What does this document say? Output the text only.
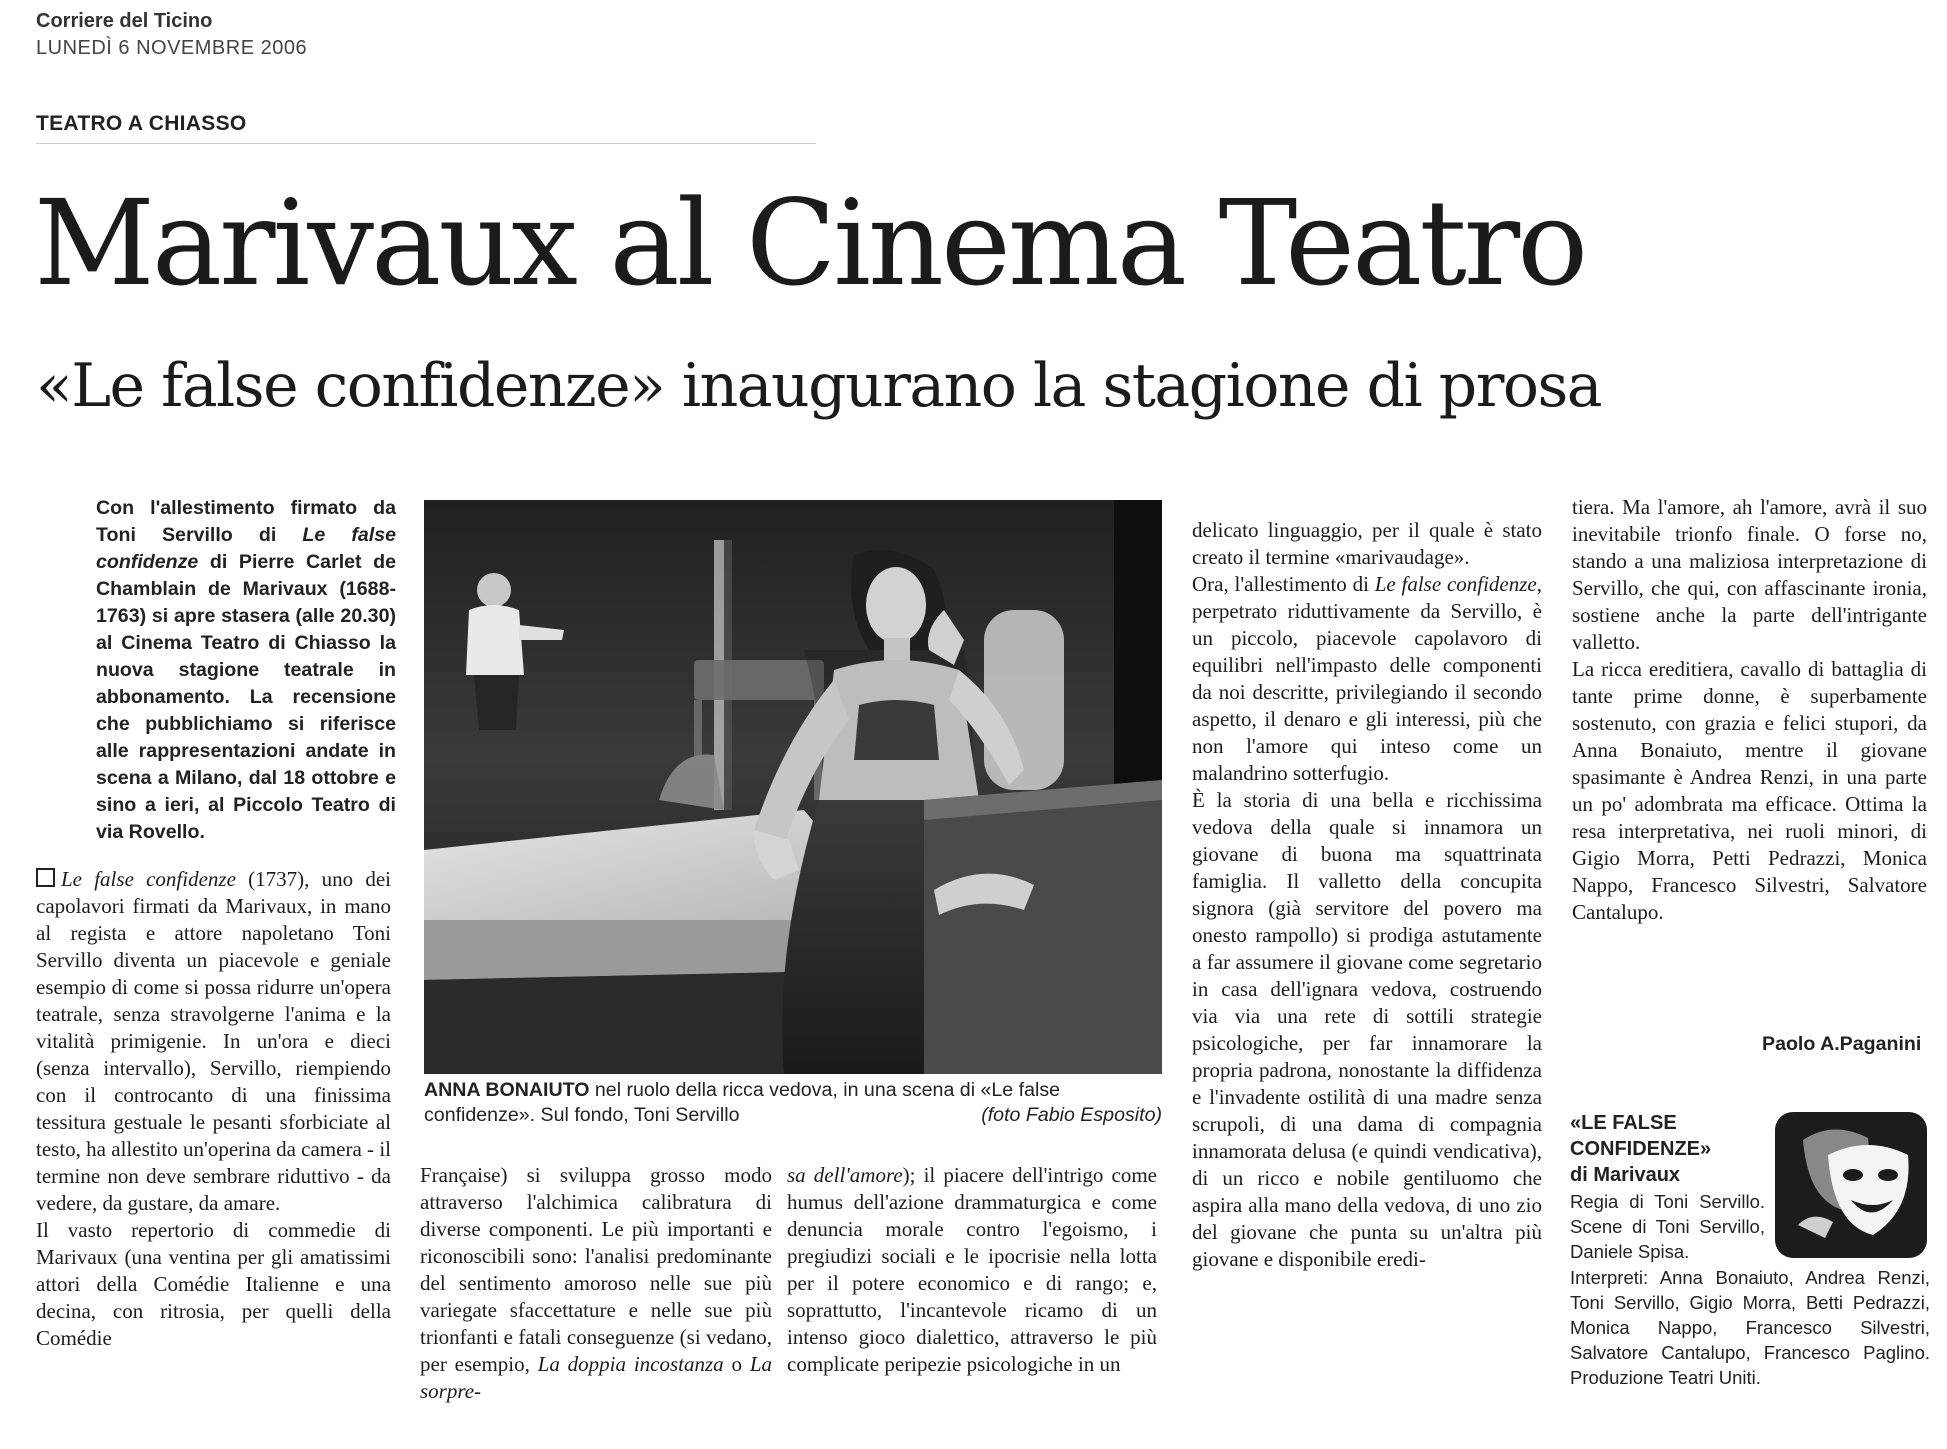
Corriere del Ticino
LUNEDÌ 6 NOVEMBRE 2006
TEATRO A CHIASSO
Marivaux al Cinema Teatro
«Le false confidenze» inaugurano la stagione di prosa
Con l'allestimento firmato da Toni Servillo di Le false confidenze di Pierre Carlet de Chamblain de Marivaux (1688-1763) si apre stasera (alle 20.30) al Cinema Teatro di Chiasso la nuova stagione teatrale in abbonamento. La recensione che pubblichiamo si riferisce alle rappresentazioni andate in scena a Milano, dal 18 ottobre e sino a ieri, al Piccolo Teatro di via Rovello.
ANNA BONAIUTO nel ruolo della ricca vedova, in una scena di «Le false confidenze». Sul fondo, Toni Servillo	(foto Fabio Esposito)

Le false confidenze (1737), uno dei capolavori firmati da Marivaux, in mano al regista e attore napoletano Toni Servillo diventa un piacevole e geniale esempio di come si possa ridurre un'opera teatrale, senza stravolgerne l'anima e la vitalità primigenie. In un'ora e dieci (senza intervallo), Servillo, riempiendo con il controcanto di una finissima tessitura gestuale le pesanti sforbiciate al testo, ha allestito un'operina da camera - il termine non deve sembrare riduttivo - da vedere, da gustare, da amare.

Il vasto repertorio di commedie di Marivaux (una ventina per gli amatissimi attori della Comédie Italienne e una decina, con ritrosia, per quelli della Comédie

Française) si sviluppa grosso modo attraverso l'alchimica calibratura di diverse componenti. Le più importanti e riconoscibili sono: l'analisi predominante del sentimento amoroso nelle sue più variegate sfaccettature e nelle sue più trionfanti e fatali conseguenze (si vedano, per esempio, La doppia incostanza o La sorpre-

sa dell'amore); il piacere dell'intrigo come humus dell'azione drammaturgica e come denuncia morale contro l'egoismo, i pregiudizi sociali e le ipocrisie nella lotta per il potere economico e di rango; e, soprattutto, l'incantevole ricamo di un intenso gioco dialettico, attraverso le più complicate peripezie psicologiche in un

delicato linguaggio, per il quale è stato creato il termine «marivaudage».

Ora, l'allestimento di Le false confidenze, perpetrato riduttivamente da Servillo, è un piccolo, piacevole capolavoro di equilibri nell'impasto delle componenti da noi descritte, privilegiando il secondo aspetto, il denaro e gli interessi, più che non l'amore qui inteso come un malandrino sotterfugio.

È la storia di una bella e ricchissima vedova della quale si innamora un giovane di buona ma squattrinata famiglia. Il valletto della concupita signora (già servitore del povero ma onesto rampollo) si prodiga astutamente a far assumere il giovane come segretario in casa dell'ignara vedova, costruendo via via una rete di sottili strategie psicologiche, per far innamorare la propria padrona, nonostante la diffidenza e l'invadente ostilità di una madre senza scrupoli, di una dama di compagnia innamorata delusa (e quindi vendicativa), di un ricco e nobile gentiluomo che aspira alla mano della vedova, di uno zio del giovane che punta su un'altra più giovane e disponibile eredi-

tiera. Ma l'amore, ah l'amore, avrà il suo inevitabile trionfo finale. O forse no, stando a una maliziosa interpretazione di Servillo, che qui, con affascinante ironia, sostiene anche la parte dell'intrigante valletto.

La ricca ereditiera, cavallo di battaglia di tante prime donne, è superbamente sostenuto, con grazia e felici stupori, da Anna Bonaiuto, mentre il giovane spasimante è Andrea Renzi, in una parte un po' adombrata ma efficace. Ottima la resa interpretativa, nei ruoli minori, di Gigio Morra, Petti Pedrazzi, Monica Nappo, Francesco Silvestri, Salvatore Cantalupo.

Paolo A.Paganini
«LE FALSE CONFIDENZE»
di Marivaux
Regia di Toni Servillo. Scene di Toni Servillo, Daniele Spisa.
Interpreti: Anna Bonaiuto, Andrea Renzi, Toni Servillo, Gigio Morra, Betti Pedrazzi, Monica Nappo, Francesco Silvestri, Salvatore Cantalupo, Francesco Paglino. Produzione Teatri Uniti.
